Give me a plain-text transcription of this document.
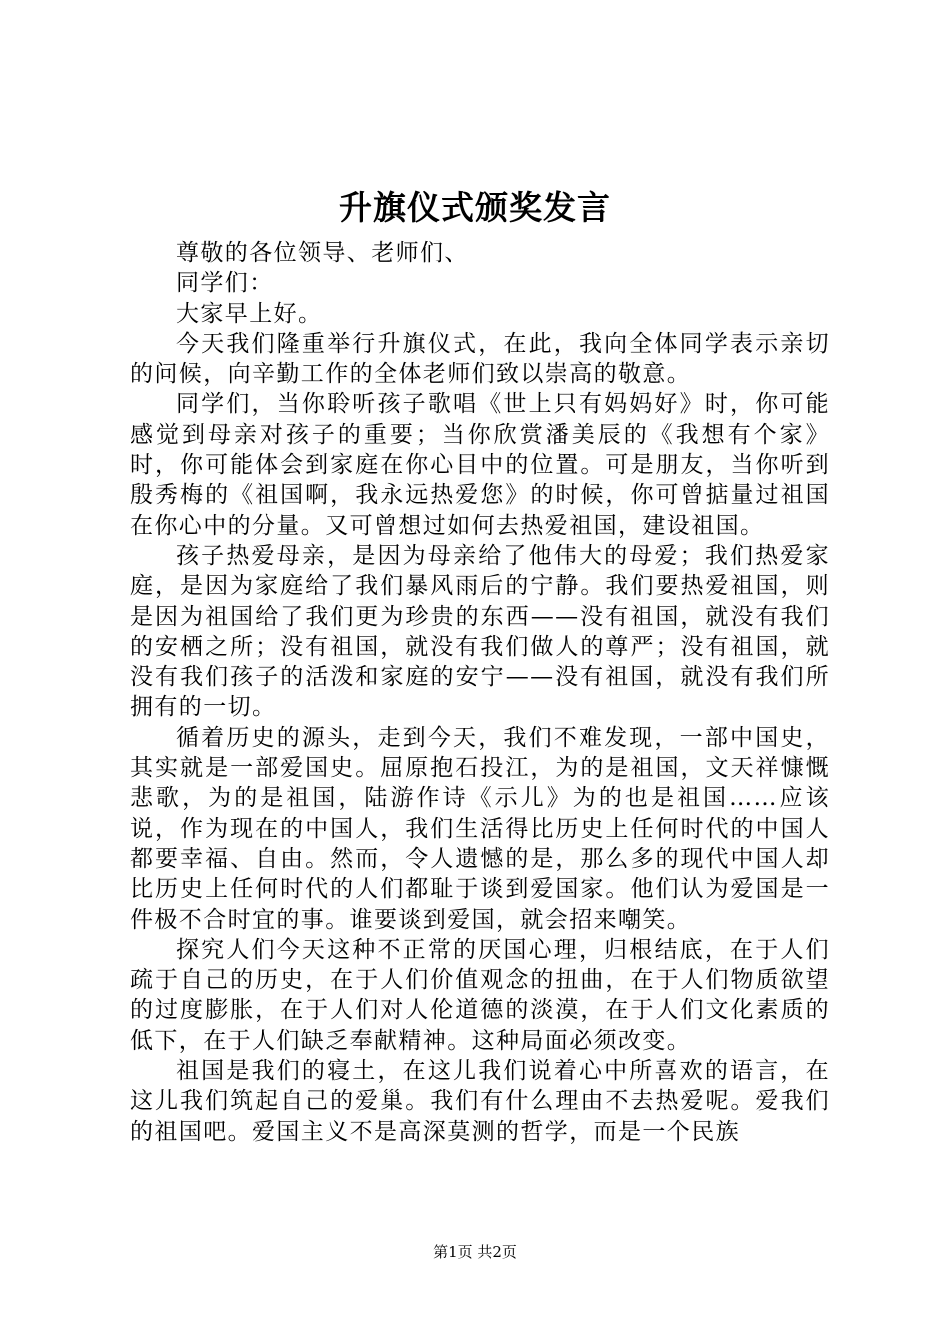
升旗仪式颁奖发言

尊敬的各位领导、老师们、

同学们：

大家早上好。

今天我们隆重举行升旗仪式，在此，我向全体同学表示亲切的问候，向辛勤工作的全体老师们致以崇高的敬意。

同学们，当你聆听孩子歌唱《世上只有妈妈好》时，你可能感觉到母亲对孩子的重要；当你欣赏潘美辰的《我想有个家》时，你可能体会到家庭在你心目中的位置。可是朋友，当你听到殷秀梅的《祖国啊，我永远热爱您》的时候，你可曾掂量过祖国在你心中的分量。又可曾想过如何去热爱祖国，建设祖国。

孩子热爱母亲，是因为母亲给了他伟大的母爱；我们热爱家庭，是因为家庭给了我们暴风雨后的宁静。我们要热爱祖国，则是因为祖国给了我们更为珍贵的东西——没有祖国，就没有我们的安栖之所；没有祖国，就没有我们做人的尊严；没有祖国，就没有我们孩子的活泼和家庭的安宁——没有祖国，就没有我们所拥有的一切。

循着历史的源头，走到今天，我们不难发现，一部中国史，其实就是一部爱国史。屈原抱石投江，为的是祖国，文天祥慷慨悲歌，为的是祖国，陆游作诗《示儿》为的也是祖国……应该说，作为现在的中国人，我们生活得比历史上任何时代的中国人都要幸福、自由。然而，令人遗憾的是，那么多的现代中国人却比历史上任何时代的人们都耻于谈到爱国家。他们认为爱国是一件极不合时宜的事。谁要谈到爱国，就会招来嘲笑。

探究人们今天这种不正常的厌国心理，归根结底，在于人们疏于自己的历史，在于人们价值观念的扭曲，在于人们物质欲望的过度膨胀，在于人们对人伦道德的淡漠，在于人们文化素质的低下，在于人们缺乏奉献精神。这种局面必须改变。

祖国是我们的寝土，在这儿我们说着心中所喜欢的语言，在这儿我们筑起自己的爱巢。我们有什么理由不去热爱呢。爱我们的祖国吧。爱国主义不是高深莫测的哲学，而是一个民族

第1页 共2页
